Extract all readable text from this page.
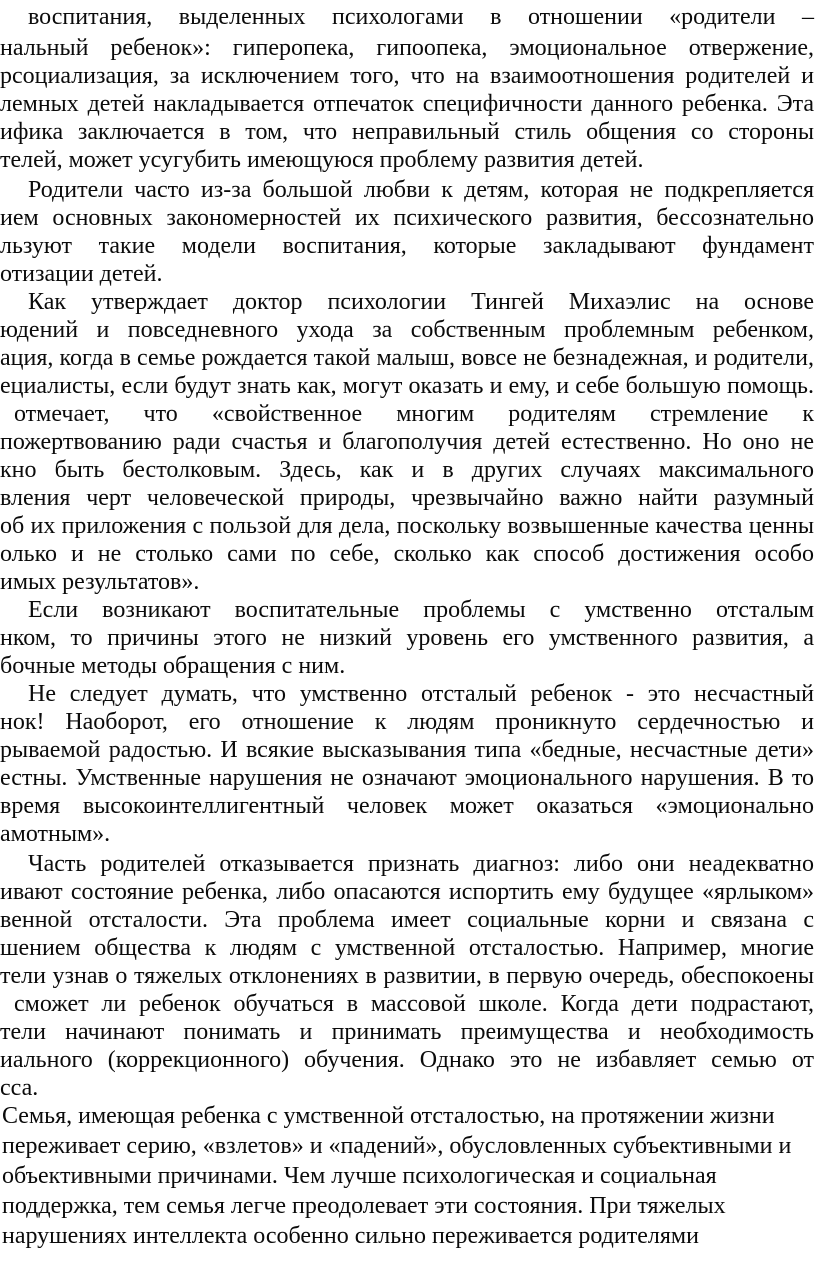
воспитания, выделенных психологами в отношении «родители –
нальный ребенок»: гиперопека, гипоопека, эмоциональное отвержение,
рсоциализация, за исключением того, что на взаимоотношения родителей и
лемных детей накладывается отпечаток специфичности данного ребенка. Эта
ифика заключается в том, что неправильный стиль общения со стороны
телей, может усугубить имеющуюся проблему развития детей.
Родители часто из-за большой любви к детям, которая не подкрепляется
ием основных закономерностей их психического развития, бессознательно
льзуют такие модели воспитания, которые закладывают фундамент
отизации детей.
Как утверждает доктор психологии Тингей Михаэлис на основе
юдений и повседневного ухода за собственным проблемным ребенком,
ация, когда в семье рождается такой малыш, вовсе не безнадежная, и родители,
ециалисты, если будут знать как, могут оказать и ему, и себе большую помощь.
отмечает, что «свойственное многим родителям стремление к
пожертвованию ради счастья и благополучия детей естественно. Но оно не
кно быть бестолковым. Здесь, как и в других случаях максимального
вления черт человеческой природы, чрезвычайно важно найти разумный
об их приложения с пользой для дела, поскольку возвышенные качества ценны
олько и не столько сами по себе, сколько как способ достижения особо
имых результатов».
Если возникают воспитательные проблемы с умственно отсталым
нком, то причины этого не низкий уровень его умственного развития, а
бочные методы обращения с ним.
Не следует думать, что умственно отсталый ребенок - это несчастный
нок! Наоборот, его отношение к людям проникнуто сердечностью и
рываемой радостью. И всякие высказывания типа «бедные, несчастные дети»
естны. Умственные нарушения не означают эмоционального нарушения. В то
время высокоинтеллигентный человек может оказаться «эмоционально
амотным».
Часть родителей отказывается признать диагноз: либо они неадекватно
ивают состояние ребенка, либо опасаются испортить ему будущее «ярлыком»
венной отсталости. Эта проблема имеет социальные корни и связана с
шением общества к людям с умственной отсталостью. Например, многие
тели узнав о тяжелых отклонениях в развитии, в первую очередь, обеспокоены
сможет ли ребенок обучаться в массовой школе. Когда дети подрастают,
тели начинают понимать и принимать преимущества и необходимость
иального (коррекционного) обучения. Однако это не избавляет семью от
сса.
Семья, имеющая ребенка с умственной отсталостью, на протяжении жизни
переживает серию, «взлетов» и «падений», обусловленных субъективными и
объективными причинами. Чем лучше психологическая и социальная
поддержка, тем семья легче преодолевает эти состояния. При тяжелых
нарушениях интеллекта особенно сильно переживается родителями
